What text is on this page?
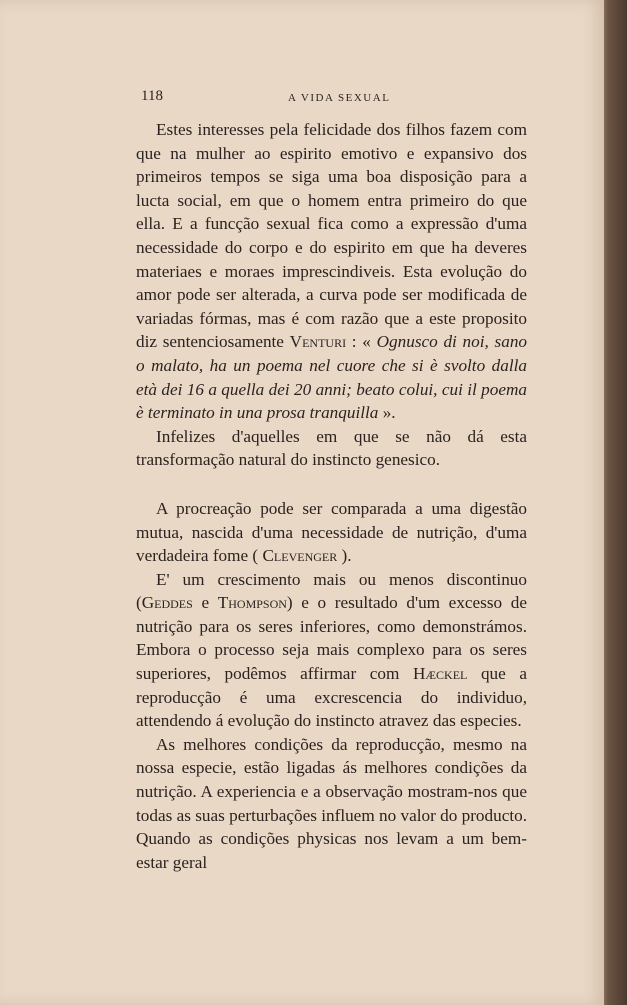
118	A VIDA SEXUAL

Estes interesses pela felicidade dos filhos fazem com que na mulher ao espirito emotivo e expansivo dos primeiros tempos se siga uma boa disposição para a lucta social, em que o homem entra primeiro do que ella. E a funcção sexual fica como a expressão d'uma necessidade do corpo e do espirito em que ha deveres materiaes e moraes imprescindiveis. Esta evolução do amor pode ser alterada, a curva pode ser modificada de variadas fórmas, mas é com razão que a este proposito diz sentenciosamente Venturi : « Ognusco di noi, sano o malato, ha un poema nel cuore che si è svolto dalla età dei 16 a quella dei 20 anni; beato colui, cui il poema è terminato in una prosa tranquilla ».

Infelizes d'aquelles em que se não dá esta transformação natural do instincto genesico.

A procreação pode ser comparada a uma digestão mutua, nascida d'uma necessidade de nutrição, d'uma verdadeira fome ( Clevenger ).

E' um crescimento mais ou menos discontinuo (Geddes e Thompson) e o resultado d'um excesso de nutrição para os seres inferiores, como demonstrámos. Embora o processo seja mais complexo para os seres superiores, podêmos affirmar com Hæckel que a reproducção é uma excrescencia do individuo, attendendo á evolução do instincto atravez das especies.

As melhores condições da reproducção, mesmo na nossa especie, estão ligadas ás melhores condições da nutrição. A experiencia e a observação mostram-nos que todas as suas perturbações influem no valor do producto. Quando as condições physicas nos levam a um bem-estar geral
